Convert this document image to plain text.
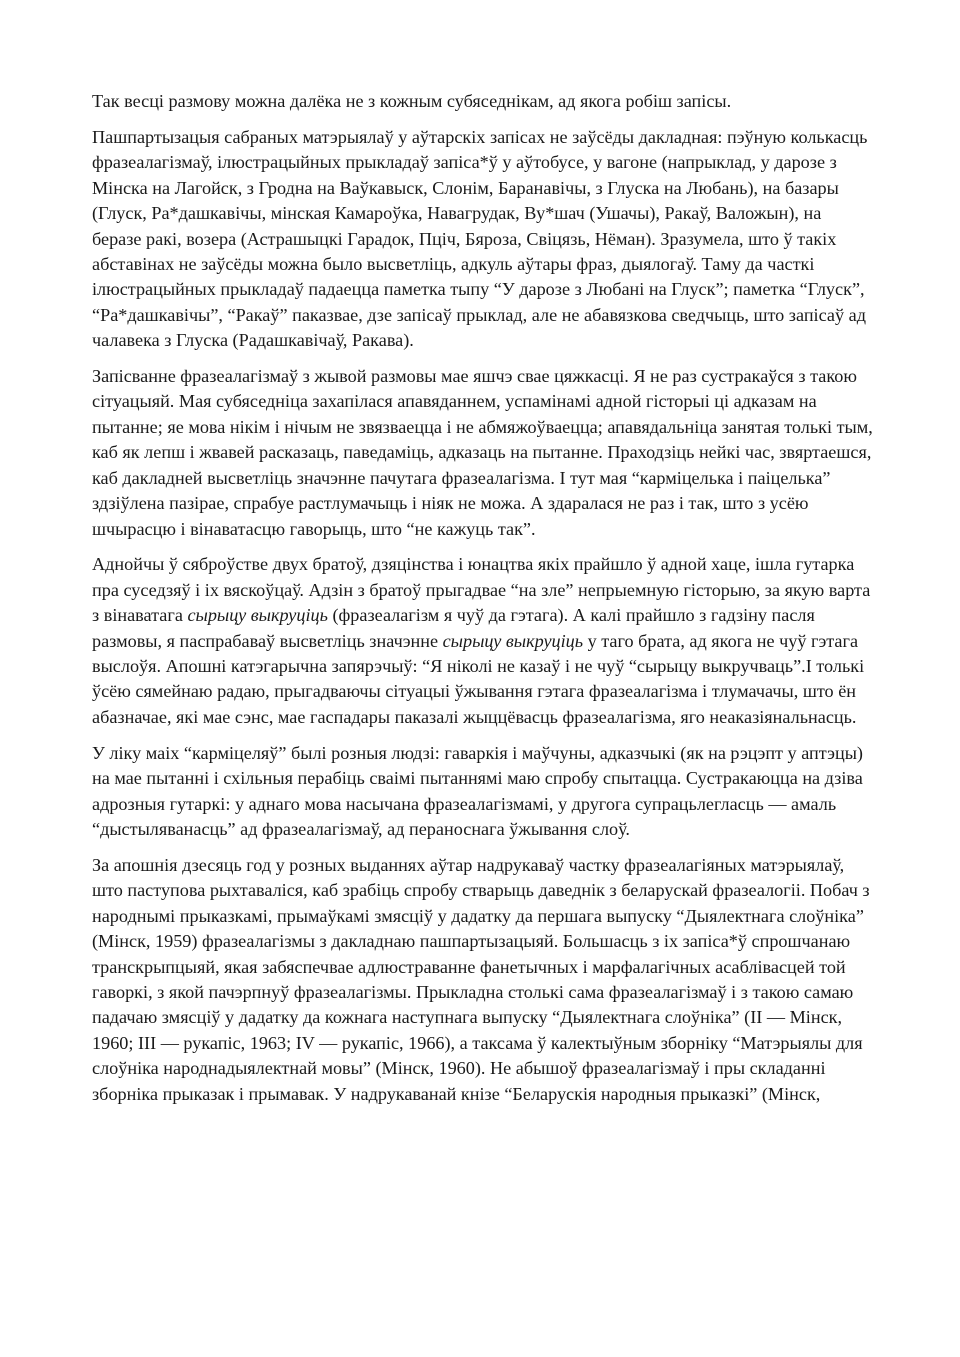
Так весці размову можна далёка не з кожным субяседнікам, ад якога робіш запісы.

Пашпартызацыя сабраных матэрыялаў у аўтарскіх запісах не заўсёды дакладная: пэўную колькасць фразеалагізмаў, ілюстрацыйных прыкладаў запіса*ў у аўтобусе, у вагоне (напрыклад, у дарозе з Мінска на Лагойск, з Гродна на Ваўкавыск, Слонім, Баранавічы, з Глуска на Любань), на базары (Глуск, Ра*дашкавічы, мінская Камароўка, Навагрудак, Ву*шач (Ушачы), Ракаў, Валожын), на беразе ракі, возера (Астрашыцкі Гарадок, Пціч, Бяроза, Свіцязь, Нёман). Зразумела, што ў такіх абставінах не заўсёды можна было высветліць, адкуль аўтары фраз, дыялогаў. Таму да часткі ілюстрацыйных прыкладаў падаецца паметка тыпу “У дарозе з Любані на Глуск”; паметка “Глуск”, “Ра*дашкавічы”, “Ракаў” паказвае, дзе запісаў прыклад, але не абавязкова сведчыць, што запісаў ад чалавека з Глуска (Радашкавічаў, Ракава).

Запісванне фразеалагізмаў з жывой размовы мае яшчэ свае цяжкасці. Я не раз сустракаўся з такою сітуацыяй. Мая субяседніца захапілася апавяданнем, успамінамі адной гісторыі ці адказам на пытанне; яе мова нікім і нічым не звязваецца і не абмяжоўваецца; апавядальніца занятая толькі тым, каб як лепш і жвавей расказаць, паведаміць, адказаць на пытанне. Праходзіць нейкі час, звяртаешся, каб дакладней высветліць значэнне пачутага фразеалагізма. І тут мая “карміцелька і паіцелька” здзіўлена пазірае, спрабуе растлумачыць і ніяк не можа. А здаралася не раз і так, што з усёю шчырасцю і вінаватасцю гаворыць, што “не кажуць так”.

Аднойчы ў сяброўстве двух братоў, дзяцінства і юнацтва якіх прайшло ў адной хаце, ішла гутарка пра суседзяў і іх вяскоўцаў. Адзін з братоў прыгадвае “на зле” непрыемную гісторыю, за якую варта з вінаватага сырыцу выкруціць (фразеалагізм я чуў да гэтага). А калі прайшло з гадзіну пасля размовы, я паспрабаваў высветліць значэнне сырыцу выкруціць у таго брата, ад якога не чуў гэтага выслоўя. Апошні катэгарычна запярэчыў: “Я ніколі не казаў і не чуў “сырыцу выкручваць”.І толькі ўсёю сямейнаю радаю, прыгадваючы сітуацыі ўжывання гэтага фразеалагізма і тлумачачы, што ён абазначае, які мае сэнс, мае гаспадары паказалі жыццёвасць фразеалагізма, яго неаказіянальнасць.

У ліку маіх “карміцеляў” былі розныя людзі: гаваркія і маўчуны, адказчыкі (як на рэцэпт у аптэцы) на мае пытанні і схільныя перабіць сваімі пытаннямі маю спробу спытацца. Сустракаюцца на дзіва адрозныя гутаркі: у аднаго мова насычана фразеалагізмамі, у другога супрацьлегласць — амаль “дыстыляванасць” ад фразеалагізмаў, ад пераноснага ўжывання слоў.

За апошнія дзесяць год у розных выданнях аўтар надрукаваў частку фразеалагіяных матэрыялаў, што паступова рыхтаваліся, каб зрабіць спробу стварыць даведнік з беларускай фразеалогіі. Побач з народнымі прыказкамі, прымаўкамі змясціў у дадатку да першага выпуску “Дыялектнага слоўніка” (Мінск, 1959) фразеалагізмы з дакладнаю пашпартызацыяй. Большасць з іх запіса*ў спрошчанаю транскрыпцыяй, якая забяспечвае адлюстраванне фанетычных і марфалагічных асаблівасцей той гаворкі, з якой пачэрпнуў фразеалагізмы. Прыкладна столькі сама фразеалагізмаў і з такою самаю падачаю змясціў у дадатку да кожнага наступнага выпуску “Дыялектнага слоўніка” (II — Мінск, 1960; III — рукапіс, 1963; IV — рукапіс, 1966), а таксама ў калектыўным зборніку “Матэрыялы для слоўніка народнадыялектнай мовы” (Мінск, 1960). Не абышоў фразеалагізмаў і пры складанні зборніка прыказак і прымавак. У надрукаванай кнізе “Беларускія народныя прыказкі” (Мінск,
